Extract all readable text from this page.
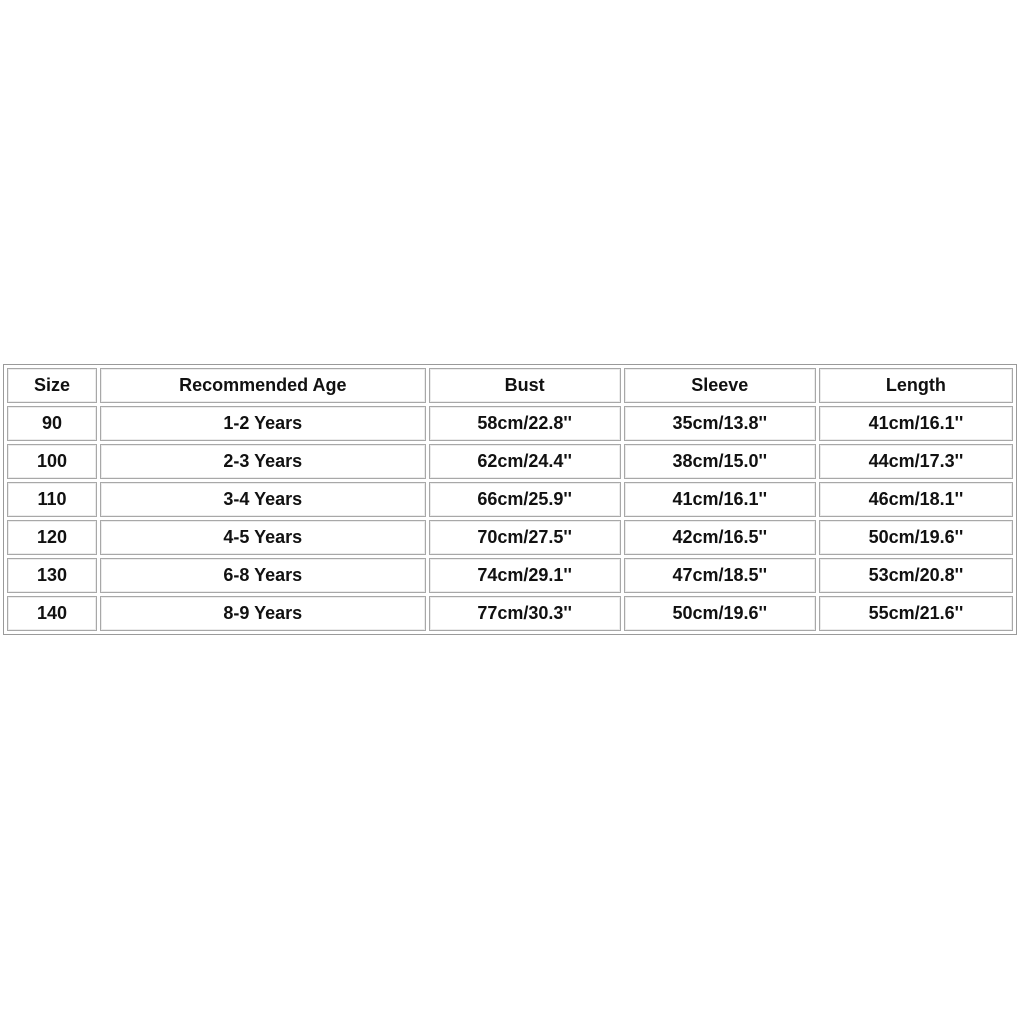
Size	Recommended Age	Bust	Sleeve	Length
90	1-2 Years	58cm/22.8''	35cm/13.8''	41cm/16.1''
100	2-3 Years	62cm/24.4''	38cm/15.0''	44cm/17.3''
110	3-4 Years	66cm/25.9''	41cm/16.1''	46cm/18.1''
120	4-5 Years	70cm/27.5''	42cm/16.5''	50cm/19.6''
130	6-8 Years	74cm/29.1''	47cm/18.5''	53cm/20.8''
140	8-9 Years	77cm/30.3''	50cm/19.6''	55cm/21.6''
